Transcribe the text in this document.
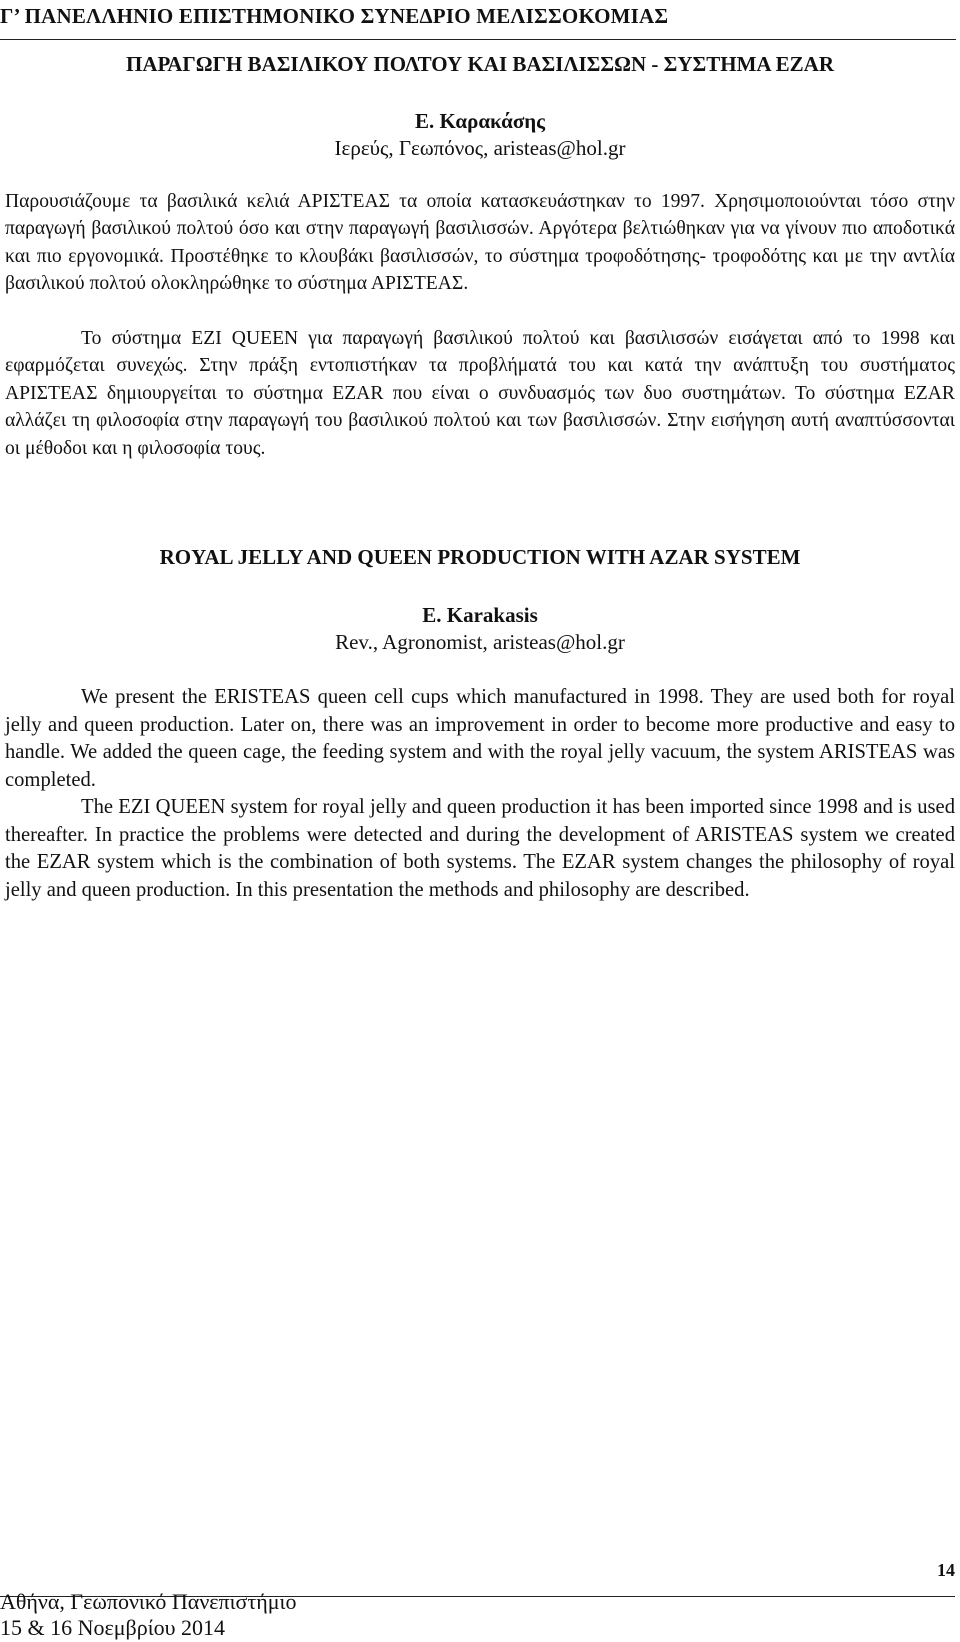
Γ’ ΠΑΝΕΛΛΗΝΙΟ ΕΠΙΣΤΗΜΟΝΙΚΟ ΣΥΝΕΔΡΙΟ ΜΕΛΙΣΣΟΚΟΜΙΑΣ
ΠΑΡΑΓΩΓΗ ΒΑΣΙΛΙΚΟΥ ΠΟΛΤΟΥ ΚΑΙ ΒΑΣΙΛΙΣΣΩΝ - ΣΥΣΤΗΜΑ EZAR
Ε. Καρακάσης
Ιερεύς, Γεωπόνος, aristeas@hol.gr

Παρουσιάζουμε τα βασιλικά κελιά ΑΡΙΣΤΕΑΣ τα οποία κατασκευάστηκαν το 1997. Χρησιμοποιούνται τόσο στην παραγωγή βασιλικού πολτού όσο και στην παραγωγή βασιλισσών. Αργότερα βελτιώθηκαν για να γίνουν πιο αποδοτικά και πιο εργονομικά. Προστέθηκε το κλουβάκι βασιλισσών, το σύστημα τροφοδότησης- τροφοδότης και με την αντλία βασιλικού πολτού ολοκληρώθηκε το σύστημα ΑΡΙΣΤΕΑΣ.

Το σύστημα EZI QUEEN για παραγωγή βασιλικού πολτού και βασιλισσών εισάγεται από το 1998 και εφαρμόζεται συνεχώς. Στην πράξη εντοπιστήκαν τα προβλήματά του και κατά την ανάπτυξη του συστήματος ΑΡΙΣΤΕΑΣ δημιουργείται το σύστημα EZAR που είναι ο συνδυασμός των δυο συστημάτων. Το σύστημα EZAR αλλάζει τη φιλοσοφία στην παραγωγή του βασιλικού πολτού και των βασιλισσών. Στην εισήγηση αυτή αναπτύσσονται οι μέθοδοι και η φιλοσοφία τους.

ROYAL JELLY AND QUEEN PRODUCTION WITH AZAR SYSTEM
E. Karakasis
Rev., Agronomist, aristeas@hol.gr

We present the ERISTEAS queen cell cups which manufactured in 1998. They are used both for royal jelly and queen production. Later on, there was an improvement in order to become more productive and easy to handle. We added the queen cage, the feeding system and with the royal jelly vacuum, the system ARISTEAS was completed.

The EZI QUEEN system for royal jelly and queen production it has been imported since 1998 and is used thereafter. In practice the problems were detected and during the development of ARISTEAS system we created the EZAR system which is the combination of both systems. The EZAR system changes the philosophy of royal jelly and queen production. In this presentation the methods and philosophy are described.

14
Αθήνα, Γεωπονικό Πανεπιστήμιο
15 & 16 Νοεμβρίου 2014
